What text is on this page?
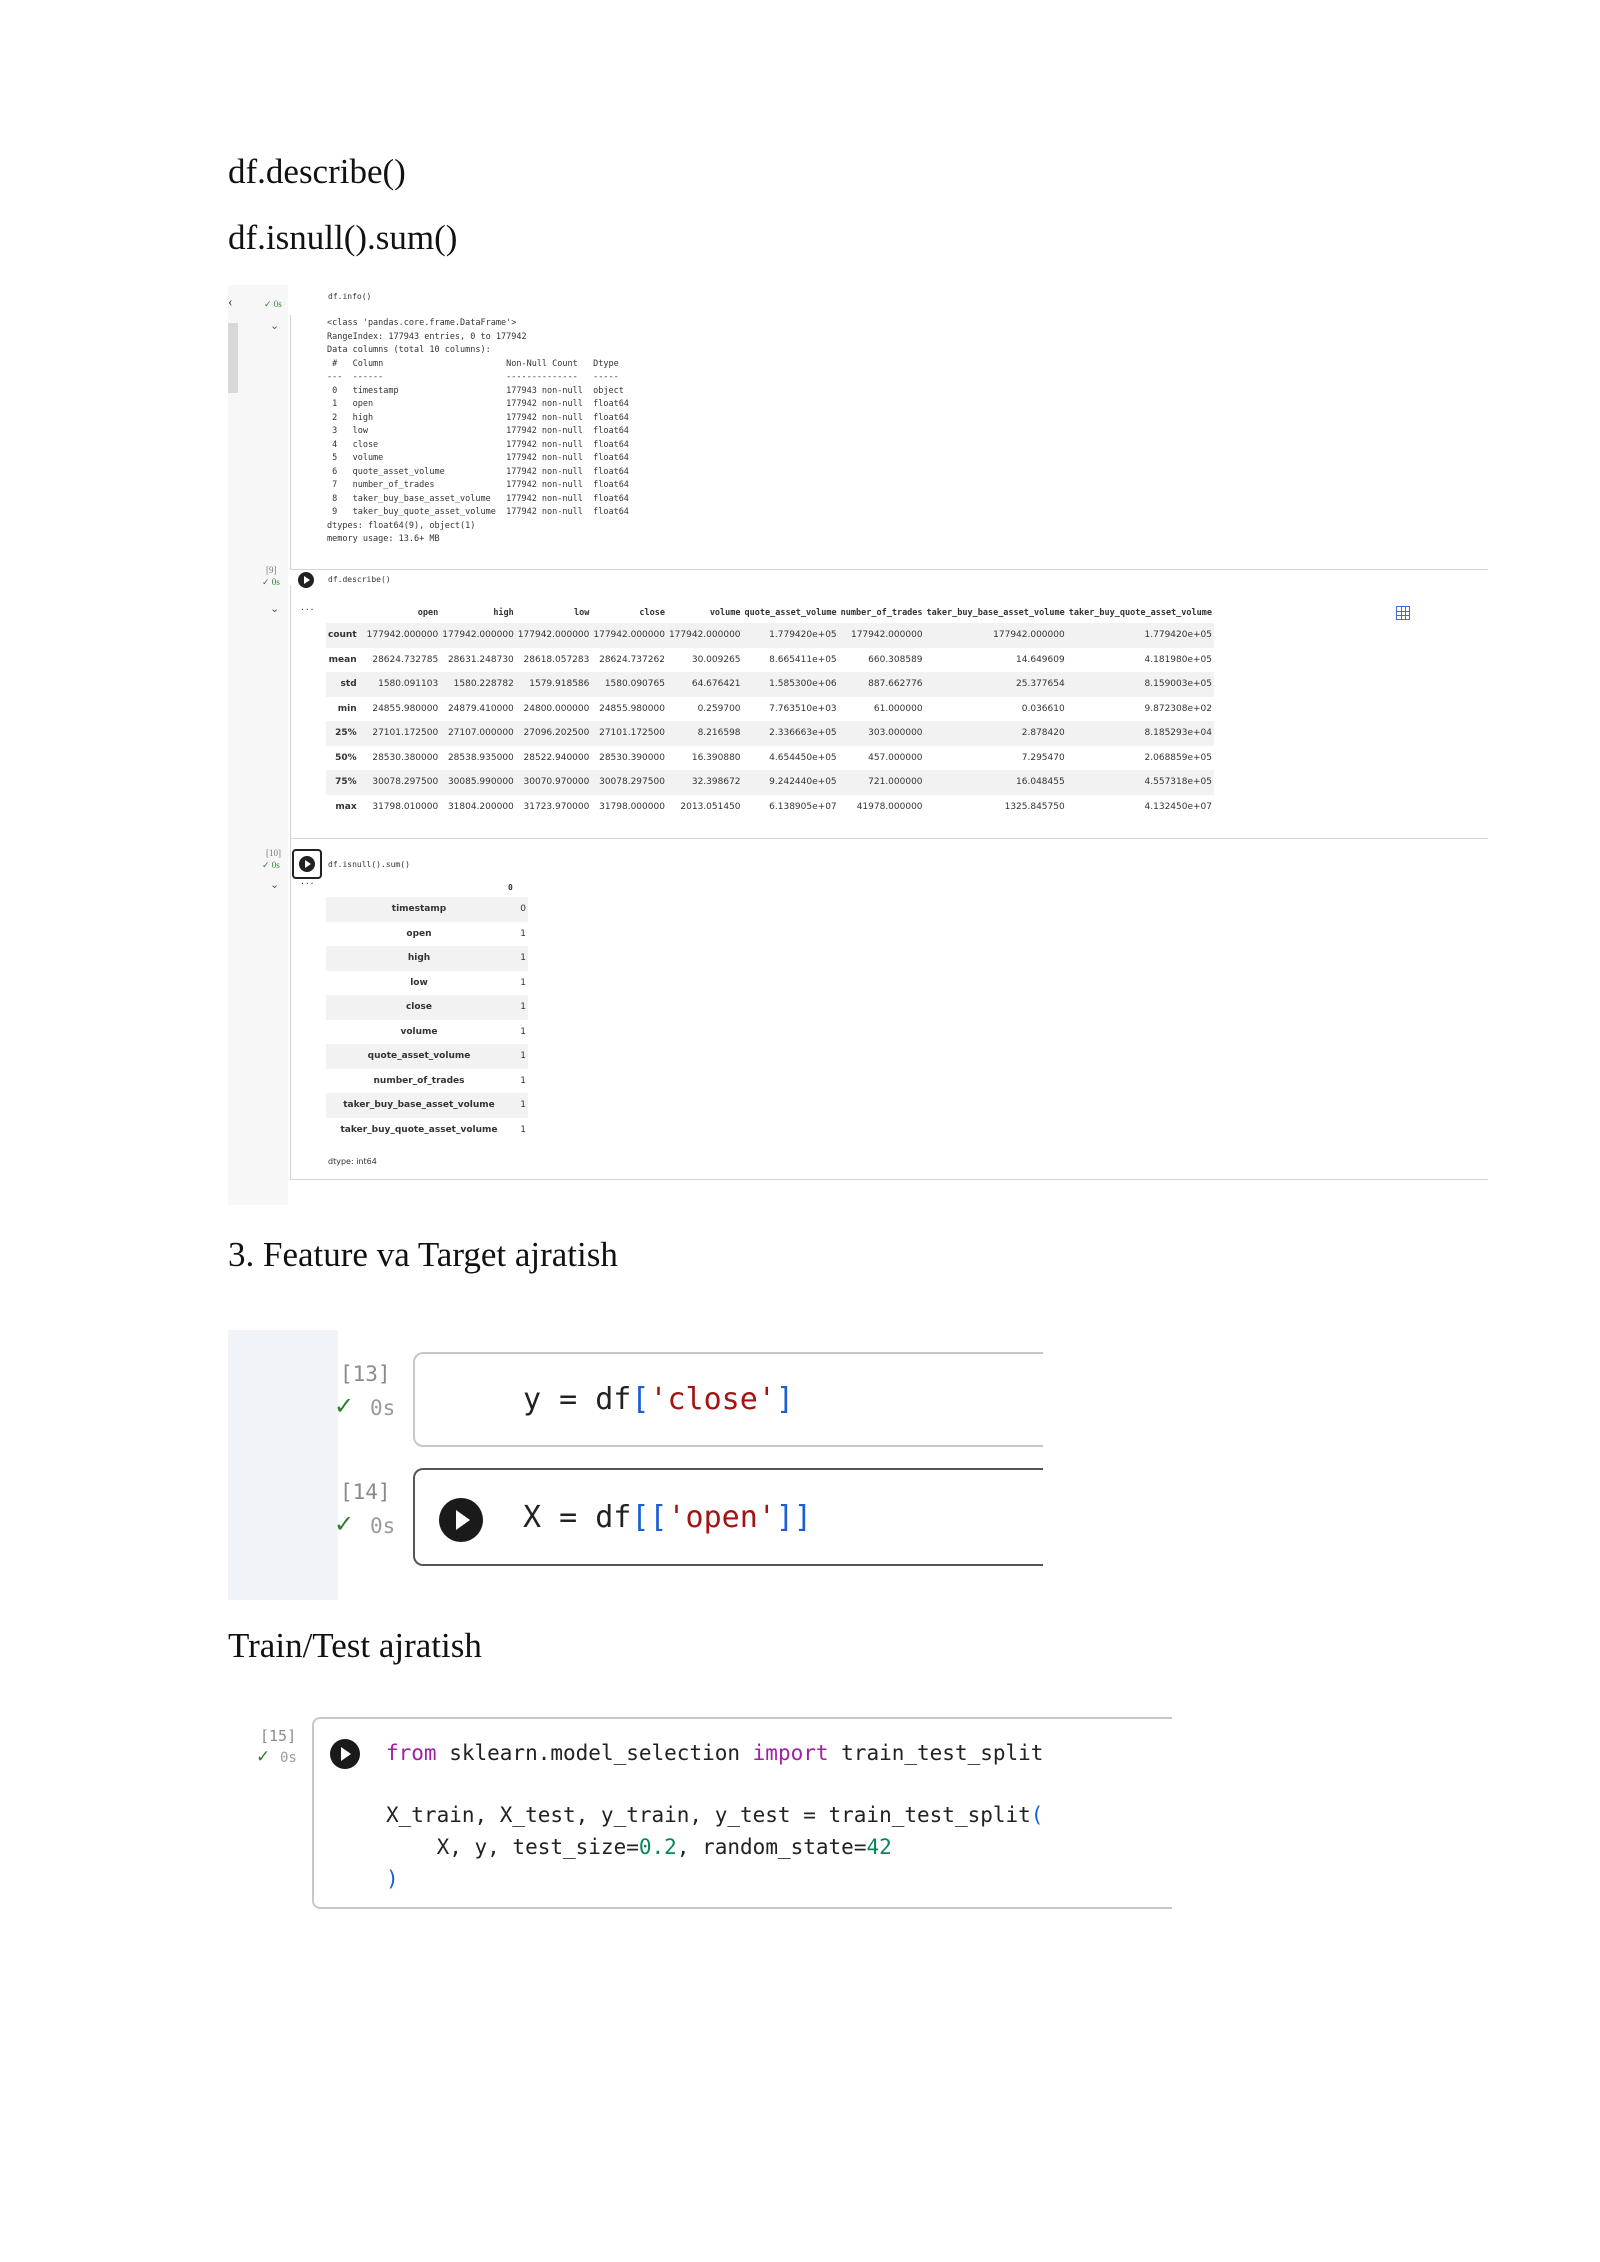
df.describe()
df.isnull().sum()
‹	✓ 0s
⌄
df.info()
<class 'pandas.core.frame.DataFrame'>
RangeIndex: 177943 entries, 0 to 177942
Data columns (total 10 columns):
#   Column                        Non-Null Count   Dtype
---  ------                        --------------   -----
0   timestamp                     177943 non-null  object
1   open                          177942 non-null  float64
2   high                          177942 non-null  float64
3   low                           177942 non-null  float64
4   close                         177942 non-null  float64
5   volume                        177942 non-null  float64
6   quote_asset_volume            177942 non-null  float64
7   number_of_trades              177942 non-null  float64
8   taker_buy_base_asset_volume   177942 non-null  float64
9   taker_buy_quote_asset_volume  177942 non-null  float64
dtypes: float64(9), object(1)
memory usage: 13.6+ MB
[9]
✓ 0s	df.describe()
⌄	...
	open	high	low	close	volume	quote_asset_volume	number_of_trades	taker_buy_base_asset_volume	taker_buy_quote_asset_volume
count	177942.000000	177942.000000	177942.000000	177942.000000	177942.000000	1.779420e+05	177942.000000	177942.000000	1.779420e+05
mean	28624.732785	28631.248730	28618.057283	28624.737262	30.009265	8.665411e+05	660.308589	14.649609	4.181980e+05
std	1580.091103	1580.228782	1579.918586	1580.090765	64.676421	1.585300e+06	887.662776	25.377654	8.159003e+05
min	24855.980000	24879.410000	24800.000000	24855.980000	0.259700	7.763510e+03	61.000000	0.036610	9.872308e+02
25%	27101.172500	27107.000000	27096.202500	27101.172500	8.216598	2.336663e+05	303.000000	2.878420	8.185293e+04
50%	28530.380000	28538.935000	28522.940000	28530.390000	16.390880	4.654450e+05	457.000000	7.295470	2.068859e+05
75%	30078.297500	30085.990000	30070.970000	30078.297500	32.398672	9.242440e+05	721.000000	16.048455	4.557318e+05
max	31798.010000	31804.200000	31723.970000	31798.000000	2013.051450	6.138905e+07	41978.000000	1325.845750	4.132450e+07
[10]
✓ 0s	df.isnull().sum()
⌄	...
0
timestamp	0
open	1
high	1
low	1
close	1
volume	1
quote_asset_volume	1
number_of_trades	1
taker_buy_base_asset_volume	1
taker_buy_quote_asset_volume	1
dtype: int64
3. Feature va Target ajratish
[13]
✓ 0s	y = df['close']
[14]
✓ 0s	X = df[['open']]
Train/Test ajratish
[15]
✓ 0s	from sklearn.model_selection import train_test_split
X_train, X_test, y_train, y_test = train_test_split(
X, y, test_size=0.2, random_state=42
)
